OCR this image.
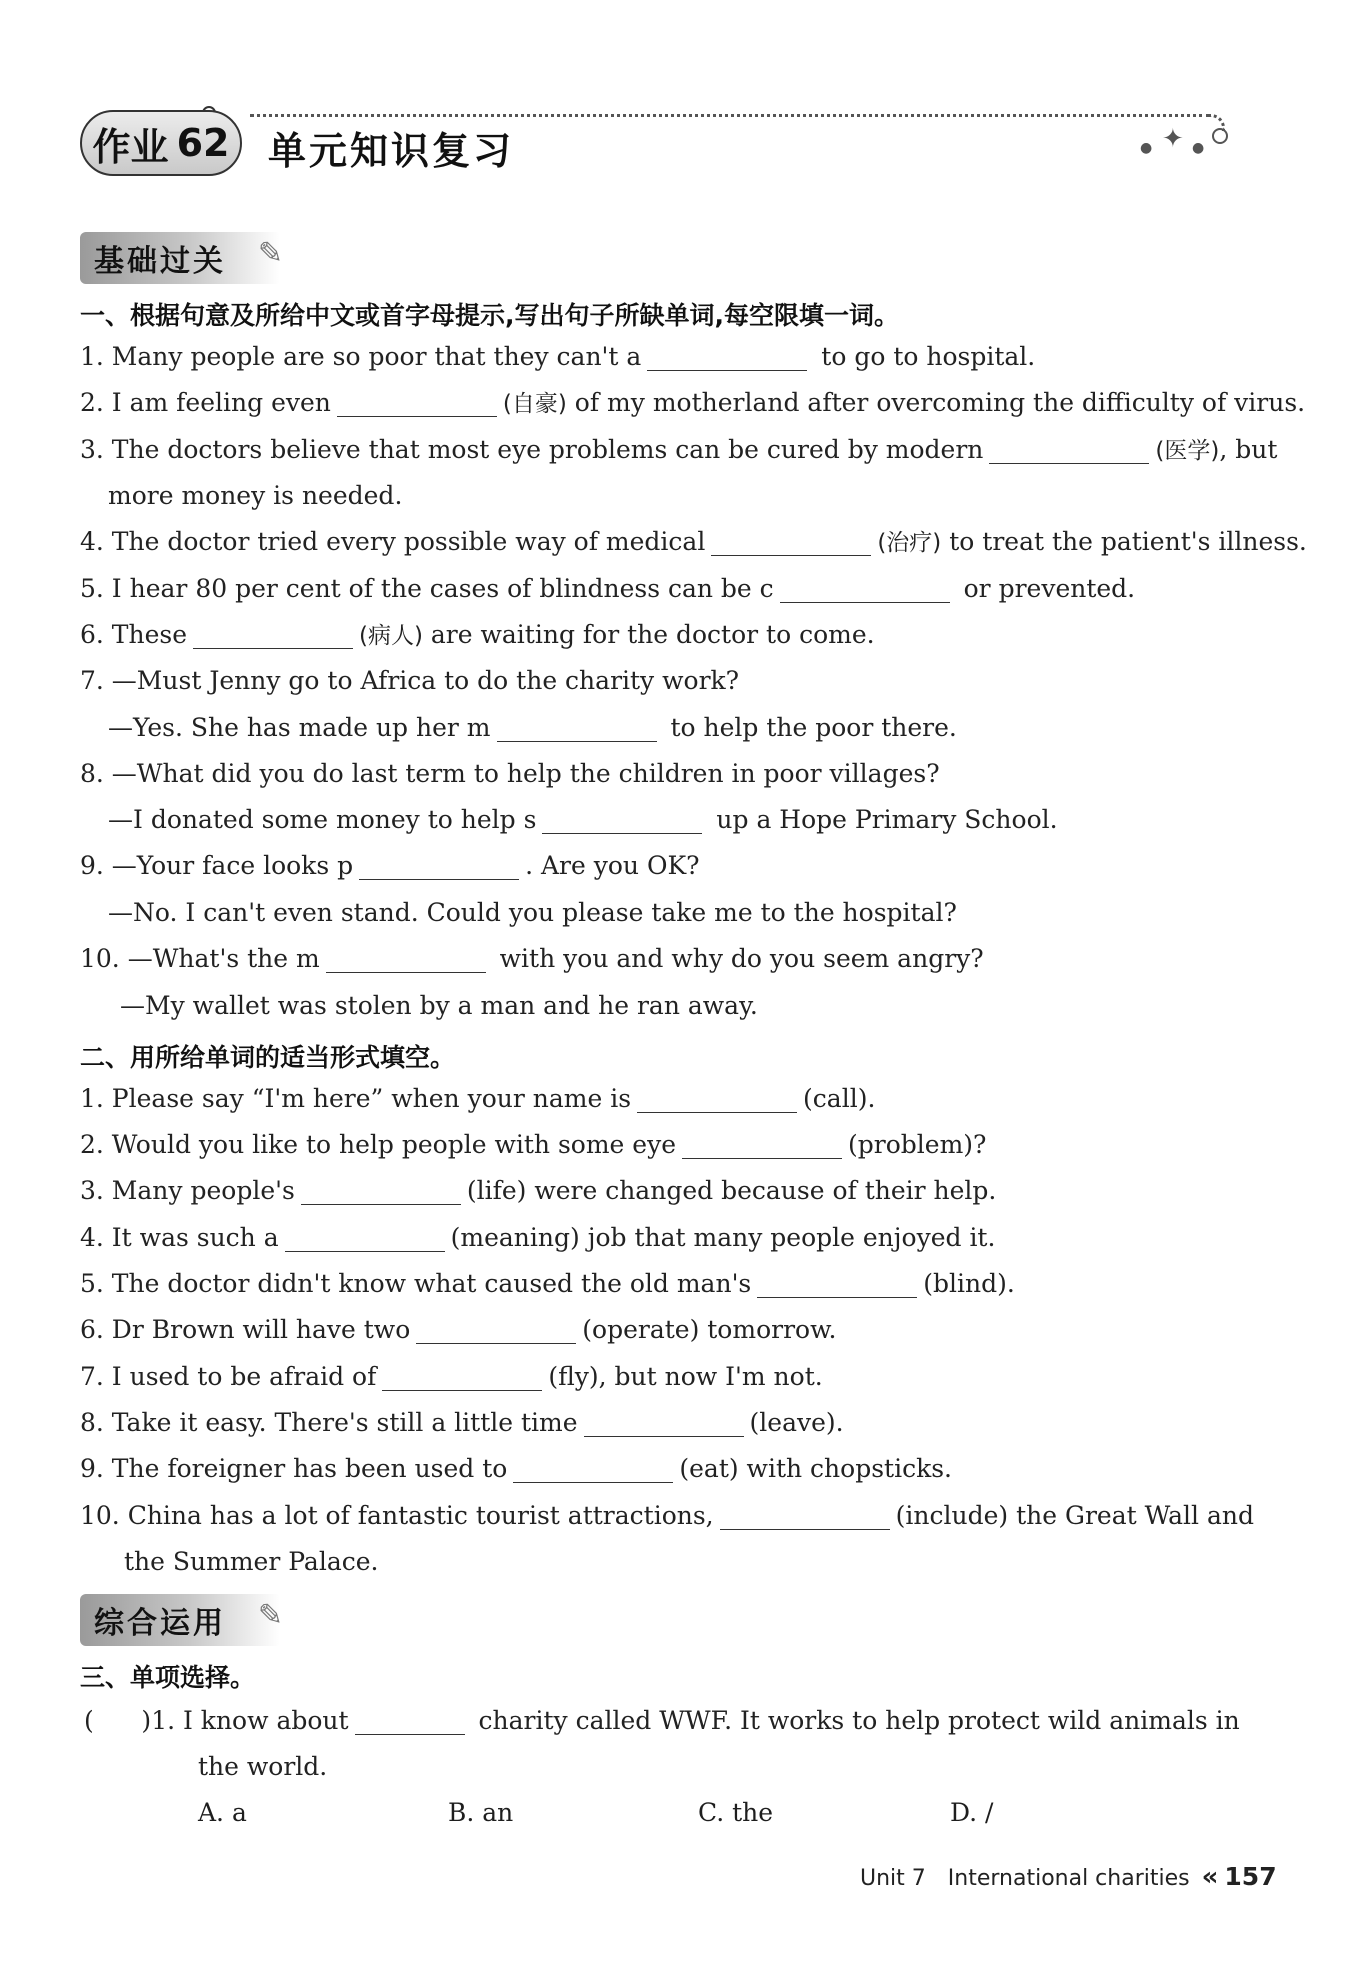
作业 62 单元知识复习	● ✦ ●
基础过关 ✎
一、根据句意及所给中文或首字母提示,写出句子所缺单词,每空限填一词。
1. Many people are so poor that they can't a	to go to hospital.
2. I am feeling even	(自豪) of my motherland after overcoming the difficulty of virus.
3. The doctors believe that most eye problems can be cured by modern	(医学), but
more money is needed.
4. The doctor tried every possible way of medical	(治疗) to treat the patient's illness.
5. I hear 80 per cent of the cases of blindness can be c	or prevented.
6. These	(病人) are waiting for the doctor to come.
7. —Must Jenny go to Africa to do the charity work?
—Yes. She has made up her m	to help the poor there.
8. —What did you do last term to help the children in poor villages?
—I donated some money to help s	up a Hope Primary School.
9. —Your face looks p	. Are you OK?
—No. I can't even stand. Could you please take me to the hospital?
10. —What's the m	with you and why do you seem angry?
—My wallet was stolen by a man and he ran away.
二、用所给单词的适当形式填空。
1. Please say “I'm here” when your name is	(call).
2. Would you like to help people with some eye	(problem)?
3. Many people's	(life) were changed because of their help.
4. It was such a	(meaning) job that many people enjoyed it.
5. The doctor didn't know what caused the old man's	(blind).
6. Dr Brown will have two	(operate) tomorrow.
7. I used to be afraid of	(fly), but now I'm not.
8. Take it easy. There's still a little time	(leave).
9. The foreigner has been used to	(eat) with chopsticks.
10. China has a lot of fantastic tourist attractions,	(include) the Great Wall and
the Summer Palace.
综合运用 ✎
三、单项选择。
(      )1. I know about	charity called WWF. It works to help protect wild animals in
the world.
A. a	B. an	C. the	D. /
Unit 7 International charities « 157
